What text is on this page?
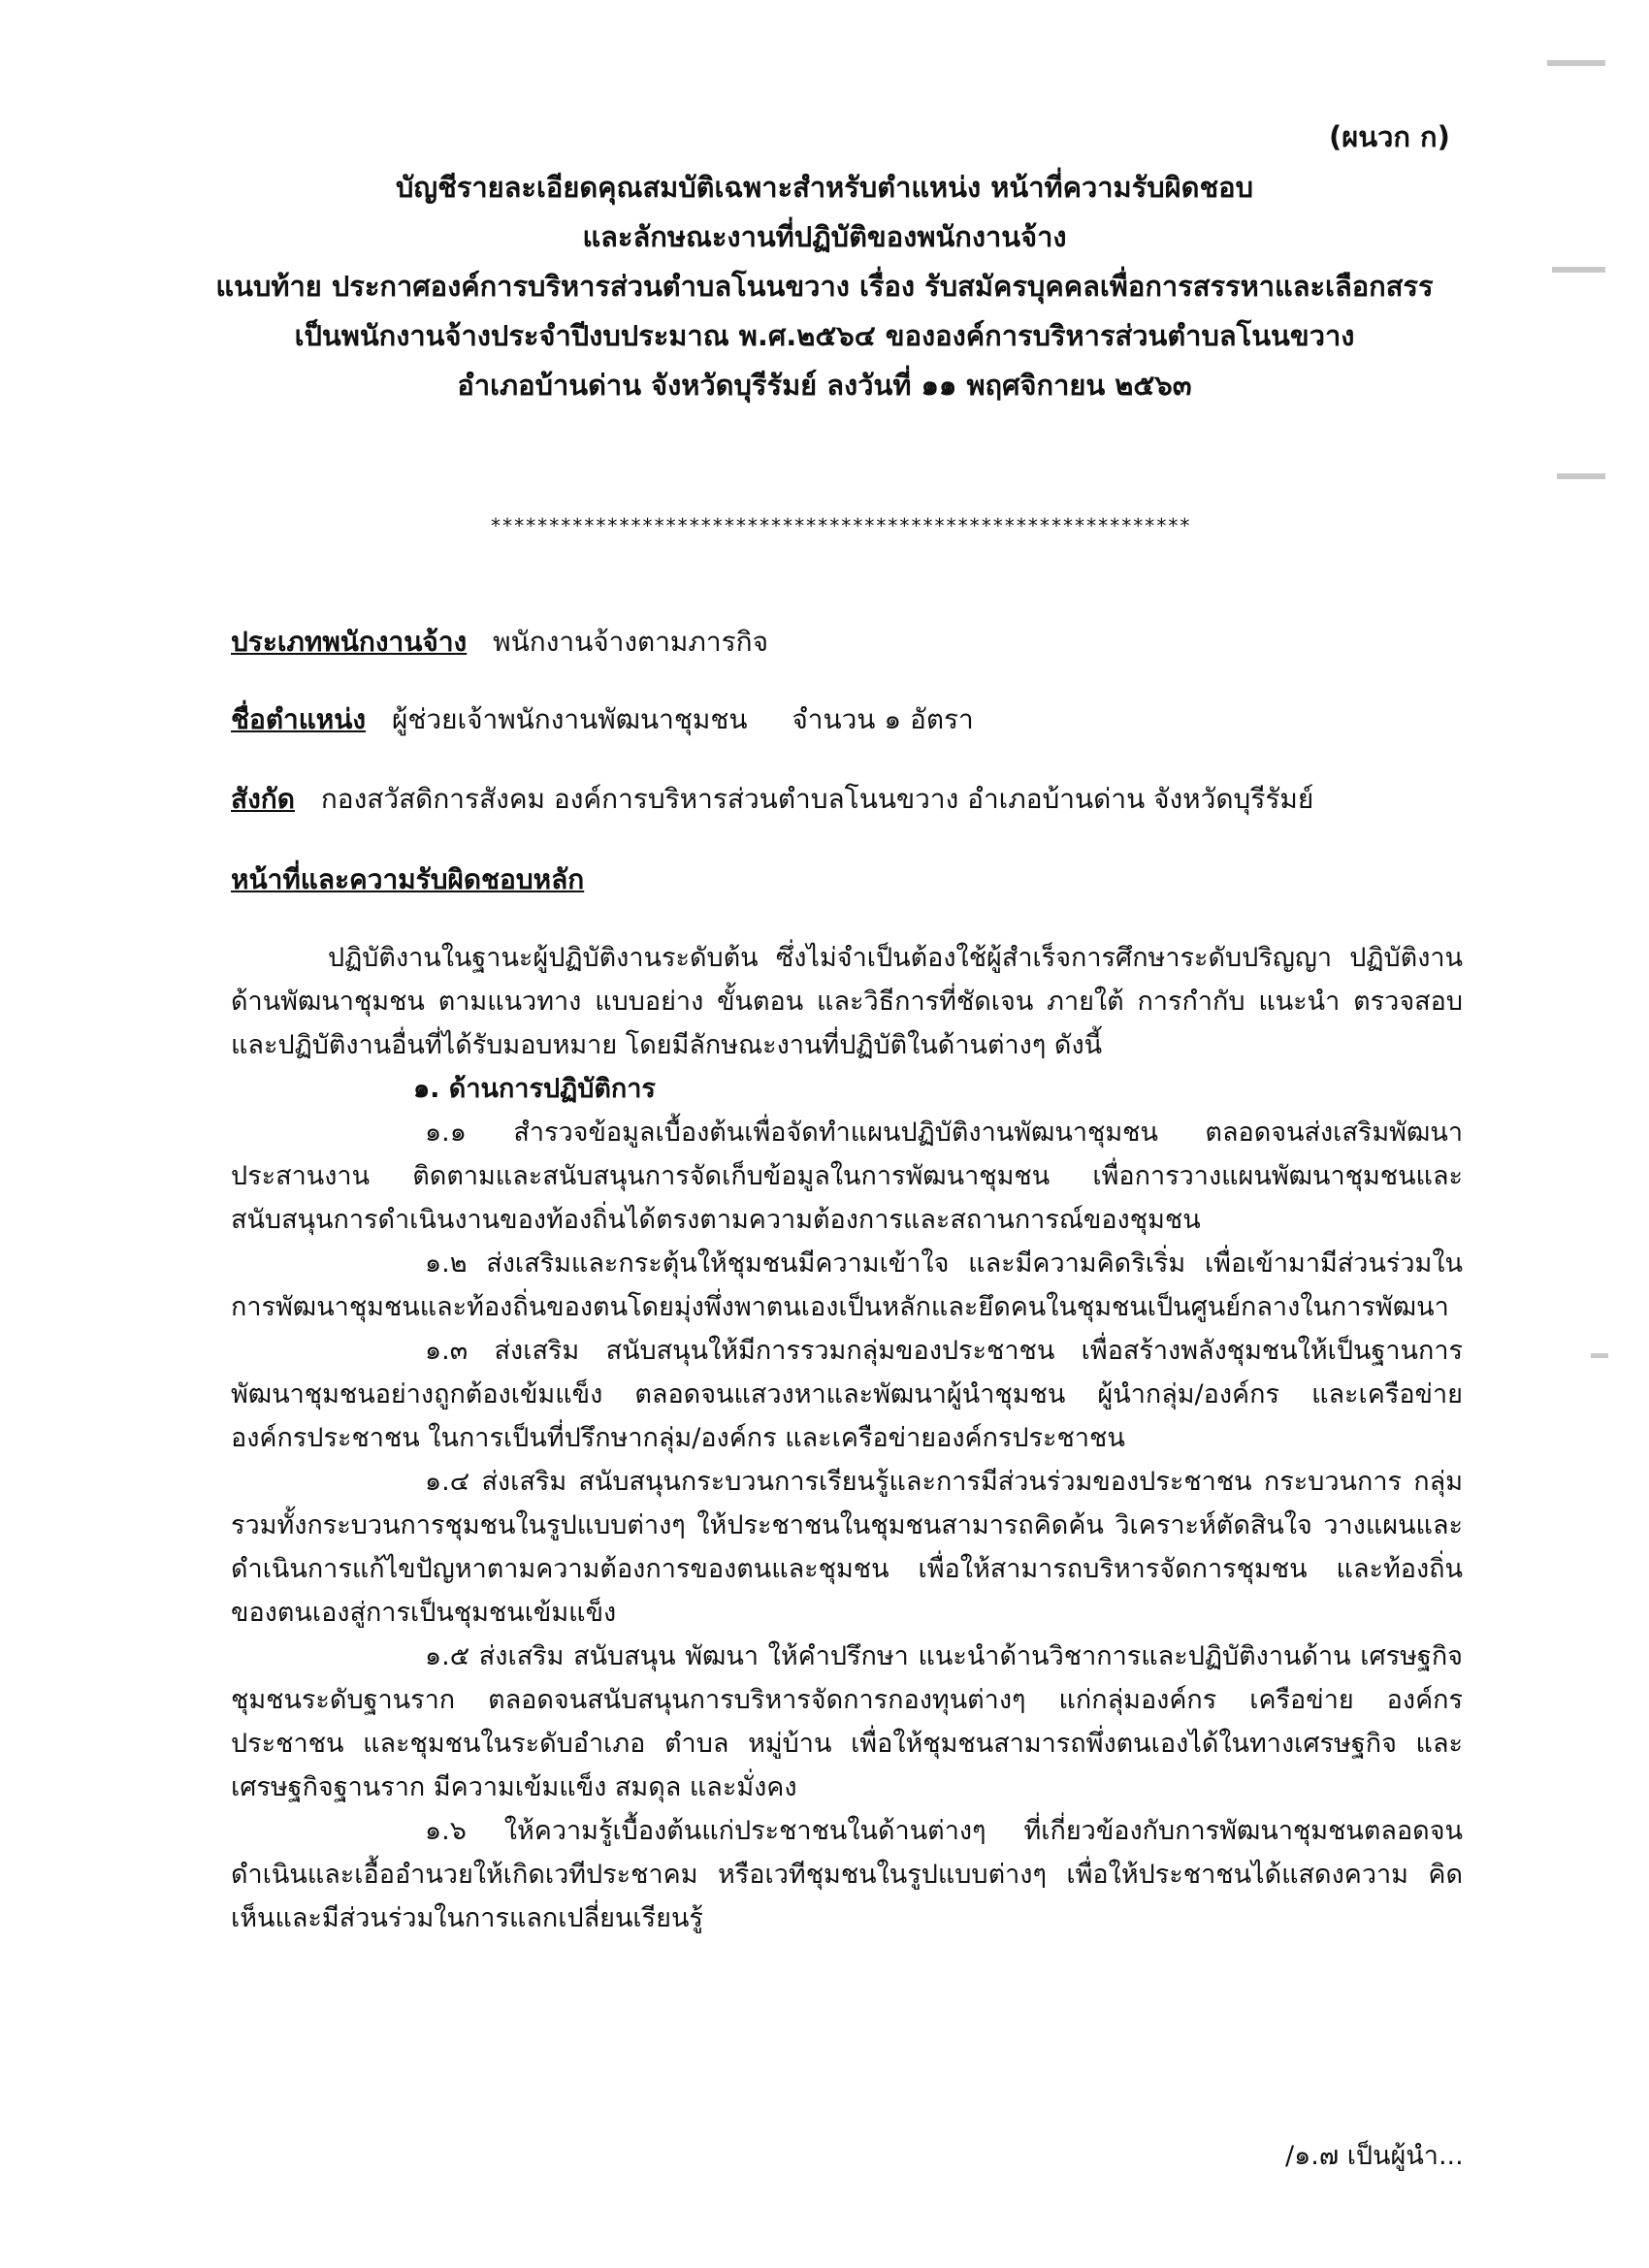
(ผนวก ก)
บัญชีรายละเอียดคุณสมบัติเฉพาะสำหรับตำแหน่ง หน้าที่ความรับผิดชอบ
และลักษณะงานที่ปฏิบัติของพนักงานจ้าง
แนบท้าย ประกาศองค์การบริหารส่วนตำบลโนนขวาง เรื่อง รับสมัครบุคคลเพื่อการสรรหาและเลือกสรร
เป็นพนักงานจ้างประจำปีงบประมาณ พ.ศ.๒๕๖๔ ขององค์การบริหารส่วนตำบลโนนขวาง
อำเภอบ้านด่าน จังหวัดบุรีรัมย์ ลงวันที่ ๑๑ พฤศจิกายน ๒๕๖๓
************************************************************
ประเภทพนักงานจ้าง พนักงานจ้างตามภารกิจ
ชื่อตำแหน่ง ผู้ช่วยเจ้าพนักงานพัฒนาชุมชน จำนวน ๑ อัตรา
สังกัด กองสวัสดิการสังคม องค์การบริหารส่วนตำบลโนนขวาง อำเภอบ้านด่าน จังหวัดบุรีรัมย์
หน้าที่และความรับผิดชอบหลัก

ปฏิบัติงานในฐานะผู้ปฏิบัติงานระดับต้น ซึ่งไม่จำเป็นต้องใช้ผู้สำเร็จการศึกษาระดับปริญญา ปฏิบัติงานด้านพัฒนาชุมชน ตามแนวทาง แบบอย่าง ขั้นตอน และวิธีการที่ชัดเจน ภายใต้ การกำกับ แนะนำ ตรวจสอบ และปฏิบัติงานอื่นที่ได้รับมอบหมาย โดยมีลักษณะงานที่ปฏิบัติในด้านต่างๆ ดังนี้

๑. ด้านการปฏิบัติการ

๑.๑ สำรวจข้อมูลเบื้องต้นเพื่อจัดทำแผนปฏิบัติงานพัฒนาชุมชน ตลอดจนส่งเสริมพัฒนา ประสานงาน ติดตามและสนับสนุนการจัดเก็บข้อมูลในการพัฒนาชุมชน เพื่อการวางแผนพัฒนาชุมชนและสนับสนุนการดำเนินงานของท้องถิ่นได้ตรงตามความต้องการและสถานการณ์ของชุมชน

๑.๒ ส่งเสริมและกระตุ้นให้ชุมชนมีความเข้าใจ และมีความคิดริเริ่ม เพื่อเข้ามามีส่วนร่วมใน การพัฒนาชุมชนและท้องถิ่นของตนโดยมุ่งพึ่งพาตนเองเป็นหลักและยึดคนในชุมชนเป็นศูนย์กลางในการพัฒนา

๑.๓ ส่งเสริม สนับสนุนให้มีการรวมกลุ่มของประชาชน เพื่อสร้างพลังชุมชนให้เป็นฐานการ พัฒนาชุมชนอย่างถูกต้องเข้มแข็ง ตลอดจนแสวงหาและพัฒนาผู้นำชุมชน ผู้นำกลุ่ม/องค์กร และเครือข่าย องค์กรประชาชน ในการเป็นที่ปรึกษากลุ่ม/องค์กร และเครือข่ายองค์กรประชาชน

๑.๔ ส่งเสริม สนับสนุนกระบวนการเรียนรู้และการมีส่วนร่วมของประชาชน กระบวนการ กลุ่ม รวมทั้งกระบวนการชุมชนในรูปแบบต่างๆ ให้ประชาชนในชุมชนสามารถคิดค้น วิเคราะห์ตัดสินใจ วางแผนและดำเนินการแก้ไขปัญหาตามความต้องการของตนและชุมชน เพื่อให้สามารถบริหารจัดการชุมชน และท้องถิ่นของตนเองสู่การเป็นชุมชนเข้มแข็ง

๑.๕ ส่งเสริม สนับสนุน พัฒนา ให้คำปรึกษา แนะนำด้านวิชาการและปฏิบัติงานด้าน เศรษฐกิจชุมชนระดับฐานราก ตลอดจนสนับสนุนการบริหารจัดการกองทุนต่างๆ แก่กลุ่มองค์กร เครือข่าย องค์กรประชาชน และชุมชนในระดับอำเภอ ตำบล หมู่บ้าน เพื่อให้ชุมชนสามารถพึ่งตนเองได้ในทางเศรษฐกิจ และเศรษฐกิจฐานราก มีความเข้มแข็ง สมดุล และมั่งคง

๑.๖ ให้ความรู้เบื้องต้นแก่ประชาชนในด้านต่างๆ ที่เกี่ยวข้องกับการพัฒนาชุมชนตลอดจน ดำเนินและเอื้ออำนวยให้เกิดเวทีประชาคม หรือเวทีชุมชนในรูปแบบต่างๆ เพื่อให้ประชาชนได้แสดงความ คิดเห็นและมีส่วนร่วมในการแลกเปลี่ยนเรียนรู้

/๑.๗ เป็นผู้นำ...
